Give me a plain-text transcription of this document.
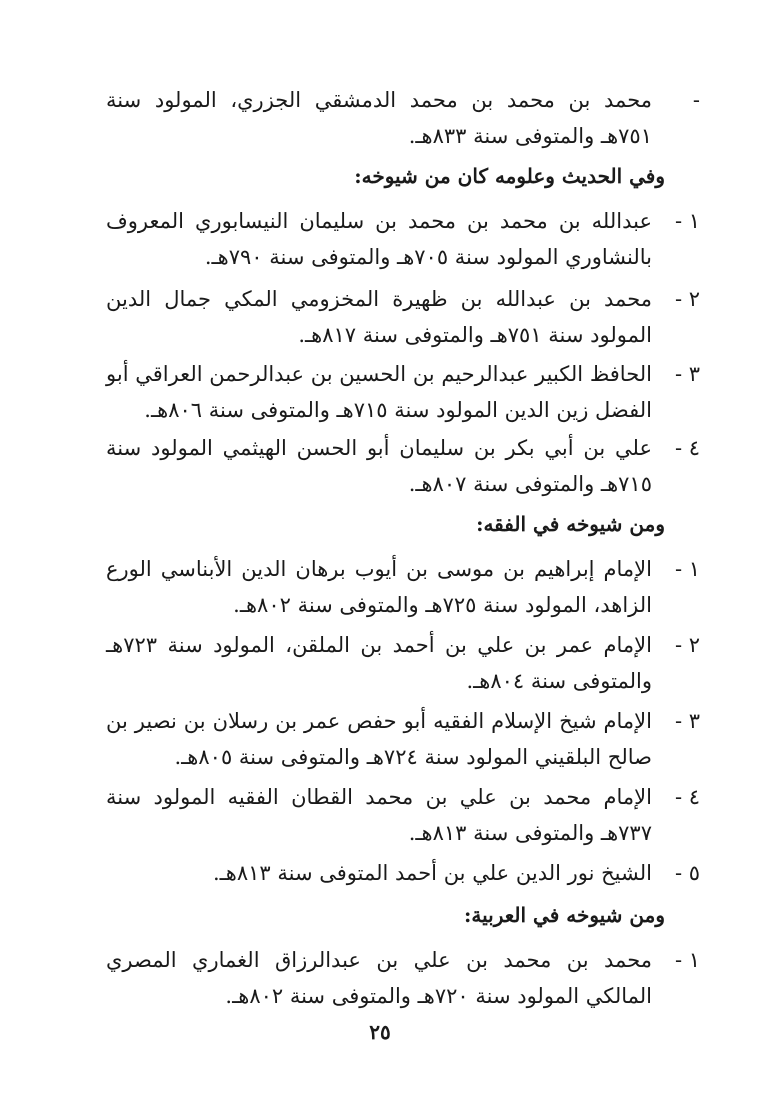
-
محمد بن محمد بن محمد الدمشقي الجزري، المولود سنة ٧٥١هـ والمتوفى سنة ٨٣٣هـ.
وفي الحديث وعلومه كان من شيوخه:
١ -
عبدالله بن محمد بن محمد بن سليمان النيسابوري المعروف بالنشاوري المولود سنة ٧٠٥هـ والمتوفى سنة ٧٩٠هـ.
٢ -
محمد بن عبدالله بن ظهيرة المخزومي المكي جمال الدين المولود سنة ٧٥١هـ والمتوفى سنة ٨١٧هـ.
٣ -
الحافظ الكبير عبدالرحيم بن الحسين بن عبدالرحمن العراقي أبو الفضل زين الدين المولود سنة ٧١٥هـ والمتوفى سنة ٨٠٦هـ.
٤ -
علي بن أبي بكر بن سليمان أبو الحسن الهيثمي المولود سنة ٧١٥هـ والمتوفى سنة ٨٠٧هـ.
ومن شيوخه في الفقه:
١ -
الإمام إبراهيم بن موسى بن أيوب برهان الدين الأبناسي الورع الزاهد، المولود سنة ٧٢٥هـ والمتوفى سنة ٨٠٢هـ.
٢ -
الإمام عمر بن علي بن أحمد بن الملقن، المولود سنة ٧٢٣هـ والمتوفى سنة ٨٠٤هـ.
٣ -
الإمام شيخ الإسلام الفقيه أبو حفص عمر بن رسلان بن نصير بن صالح البلقيني المولود سنة ٧٢٤هـ والمتوفى سنة ٨٠٥هـ.
٤ -
الإمام محمد بن علي بن محمد القطان الفقيه المولود سنة ٧٣٧هـ والمتوفى سنة ٨١٣هـ.
٥ -
الشيخ نور الدين علي بن أحمد المتوفى سنة ٨١٣هـ.
ومن شيوخه في العربية:
١ -
محمد بن محمد بن علي بن عبدالرزاق الغماري المصري المالكي المولود سنة ٧٢٠هـ والمتوفى سنة ٨٠٢هـ.
٢٥
